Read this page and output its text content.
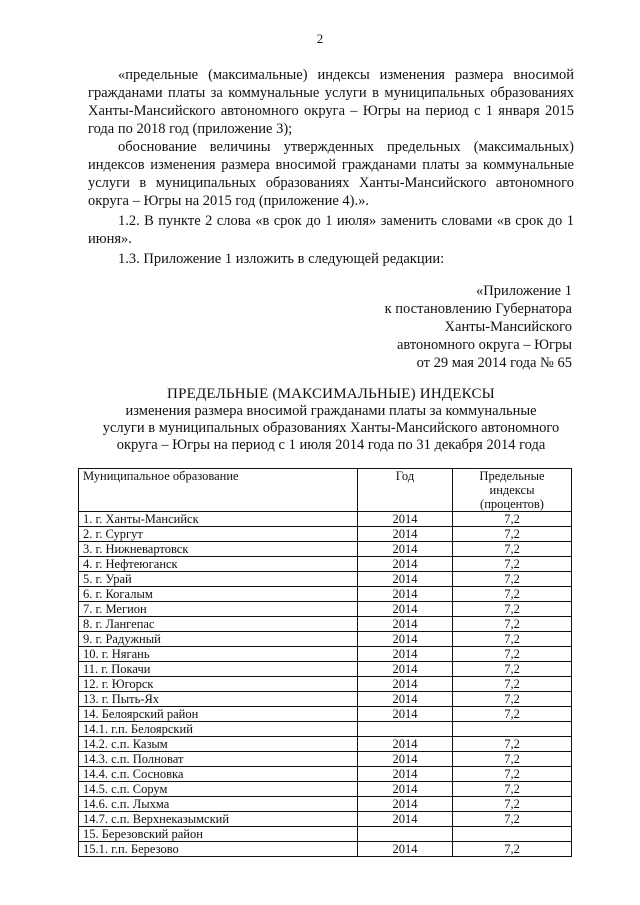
2

«предельные (максимальные) индексы изменения размера вносимой гражданами платы за коммунальные услуги в муниципальных образованиях Ханты-Мансийского автономного округа – Югры на период с 1 января 2015 года по 2018 год (приложение 3);

обоснование величины утвержденных предельных (максимальных) индексов изменения размера вносимой гражданами платы за коммунальные услуги в муниципальных образованиях Ханты-Мансийского автономного округа – Югры на 2015 год (приложение 4).».

1.2. В пункте 2 слова «в срок до 1 июля» заменить словами «в срок до 1 июня».

1.3. Приложение 1 изложить в следующей редакции:

«Приложение 1
к постановлению Губернатора
Ханты-Мансийского
автономного округа – Югры
от 29 мая 2014 года № 65
ПРЕДЕЛЬНЫЕ (МАКСИМАЛЬНЫЕ) ИНДЕКСЫ
изменения размера вносимой гражданами платы за коммунальные
услуги в муниципальных образованиях Ханты-Мансийского автономного
округа – Югры на период с 1 июля 2014 года по 31 декабря 2014 года
Муниципальное образование	Год	Предельные индексы
(процентов)

1. г. Ханты-Мансийск	2014	7,2
2. г. Сургут	2014	7,2
3. г. Нижневартовск	2014	7,2
4. г. Нефтеюганск	2014	7,2
5. г. Урай	2014	7,2
6. г. Когалым	2014	7,2
7. г. Мегион	2014	7,2
8. г. Лангепас	2014	7,2
9. г. Радужный	2014	7,2
10. г. Нягань	2014	7,2
11. г. Покачи	2014	7,2
12. г. Югорск	2014	7,2
13. г. Пыть-Ях	2014	7,2
14. Белоярский район	2014	7,2
14.1. г.п. Белоярский		
14.2. с.п. Казым	2014	7,2
14.3. с.п. Полноват	2014	7,2
14.4. с.п. Сосновка	2014	7,2
14.5. с.п. Сорум	2014	7,2
14.6. с.п. Лыхма	2014	7,2
14.7. с.п. Верхнеказымский	2014	7,2
15. Березовский район		
15.1. г.п. Березово	2014	7,2
